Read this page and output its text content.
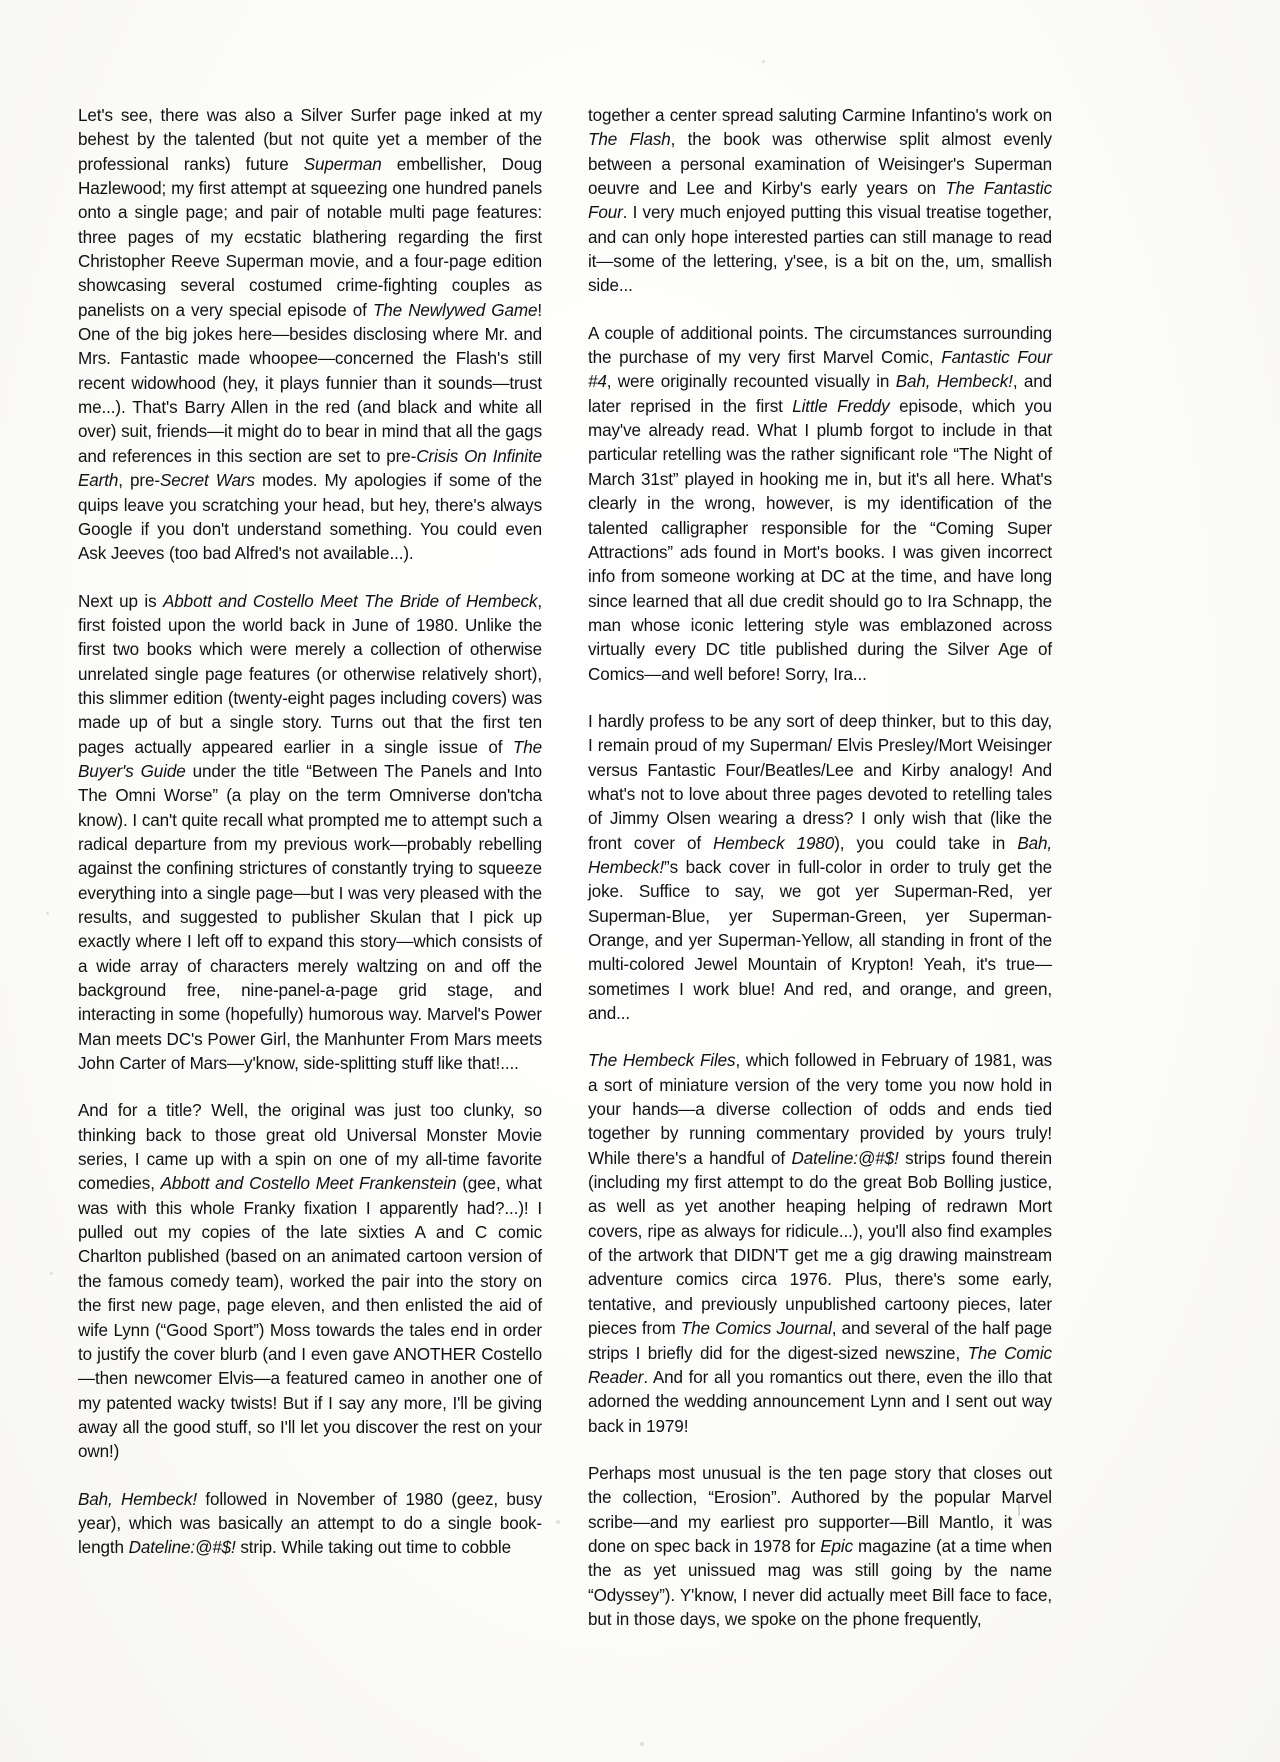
Let's see, there was also a Silver Surfer page inked at my behest by the talented (but not quite yet a member of the professional ranks) future Superman embellisher, Doug Hazlewood; my first attempt at squeezing one hundred panels onto a single page; and pair of notable multi page features: three pages of my ecstatic blathering regarding the first Christopher Reeve Superman movie, and a four-page edition showcasing several costumed crime-fighting couples as panelists on a very special episode of The Newlywed Game! One of the big jokes here—besides disclosing where Mr. and Mrs. Fantastic made whoopee—concerned the Flash's still recent widowhood (hey, it plays funnier than it sounds—trust me...). That's Barry Allen in the red (and black and white all over) suit, friends—it might do to bear in mind that all the gags and references in this section are set to pre-Crisis On Infinite Earth, pre-Secret Wars modes. My apologies if some of the quips leave you scratching your head, but hey, there's always Google if you don't understand something. You could even Ask Jeeves (too bad Alfred's not available...).

Next up is Abbott and Costello Meet The Bride of Hembeck, first foisted upon the world back in June of 1980. Unlike the first two books which were merely a collection of otherwise unrelated single page features (or otherwise relatively short), this slimmer edition (twenty-eight pages including covers) was made up of but a single story. Turns out that the first ten pages actually appeared earlier in a single issue of The Buyer's Guide under the title “Between The Panels and Into The Omni Worse” (a play on the term Omniverse don'tcha know). I can't quite recall what prompted me to attempt such a radical departure from my previous work—probably rebelling against the confining strictures of constantly trying to squeeze everything into a single page—but I was very pleased with the results, and suggested to publisher Skulan that I pick up exactly where I left off to expand this story—which consists of a wide array of characters merely waltzing on and off the background free, nine-panel-a-page grid stage, and interacting in some (hopefully) humorous way. Marvel's Power Man meets DC's Power Girl, the Manhunter From Mars meets John Carter of Mars—y'know, side-splitting stuff like that!....

And for a title? Well, the original was just too clunky, so thinking back to those great old Universal Monster Movie series, I came up with a spin on one of my all-time favorite comedies, Abbott and Costello Meet Frankenstein (gee, what was with this whole Franky fixation I apparently had?...)! I pulled out my copies of the late sixties A and C comic Charlton published (based on an animated cartoon version of the famous comedy team), worked the pair into the story on the first new page, page eleven, and then enlisted the aid of wife Lynn (“Good Sport”) Moss towards the tales end in order to justify the cover blurb (and I even gave ANOTHER Costello—then newcomer Elvis—a featured cameo in another one of my patented wacky twists! But if I say any more, I'll be giving away all the good stuff, so I'll let you discover the rest on your own!)

Bah, Hembeck! followed in November of 1980 (geez, busy year), which was basically an attempt to do a single book-length Dateline:@#$! strip. While taking out time to cobble

together a center spread saluting Carmine Infantino's work on The Flash, the book was otherwise split almost evenly between a personal examination of Weisinger's Superman oeuvre and Lee and Kirby's early years on The Fantastic Four. I very much enjoyed putting this visual treatise together, and can only hope interested parties can still manage to read it—some of the lettering, y'see, is a bit on the, um, smallish side...

A couple of additional points. The circumstances surrounding the purchase of my very first Marvel Comic, Fantastic Four #4, were originally recounted visually in Bah, Hembeck!, and later reprised in the first Little Freddy episode, which you may've already read. What I plumb forgot to include in that particular retelling was the rather significant role “The Night of March 31st” played in hooking me in, but it's all here. What's clearly in the wrong, however, is my identification of the talented calligrapher responsible for the “Coming Super Attractions” ads found in Mort's books. I was given incorrect info from someone working at DC at the time, and have long since learned that all due credit should go to Ira Schnapp, the man whose iconic lettering style was emblazoned across virtually every DC title published during the Silver Age of Comics—and well before! Sorry, Ira...

I hardly profess to be any sort of deep thinker, but to this day, I remain proud of my Superman/ Elvis Presley/Mort Weisinger versus Fantastic Four/Beatles/Lee and Kirby analogy! And what's not to love about three pages devoted to retelling tales of Jimmy Olsen wearing a dress? I only wish that (like the front cover of Hembeck 1980), you could take in Bah, Hembeck!”s back cover in full-color in order to truly get the joke. Suffice to say, we got yer Superman-Red, yer Superman-Blue, yer Superman-Green, yer Superman-Orange, and yer Superman-Yellow, all standing in front of the multi-colored Jewel Mountain of Krypton! Yeah, it's true—sometimes I work blue! And red, and orange, and green, and...

The Hembeck Files, which followed in February of 1981, was a sort of miniature version of the very tome you now hold in your hands—a diverse collection of odds and ends tied together by running commentary provided by yours truly! While there's a handful of Dateline:@#$! strips found therein (including my first attempt to do the great Bob Bolling justice, as well as yet another heaping helping of redrawn Mort covers, ripe as always for ridicule...), you'll also find examples of the artwork that DIDN'T get me a gig drawing mainstream adventure comics circa 1976. Plus, there's some early, tentative, and previously unpublished cartoony pieces, later pieces from The Comics Journal, and several of the half page strips I briefly did for the digest-sized newszine, The Comic Reader. And for all you romantics out there, even the illo that adorned the wedding announcement Lynn and I sent out way back in 1979!

Perhaps most unusual is the ten page story that closes out the collection, “Erosion”. Authored by the popular Marvel scribe—and my earliest pro supporter—Bill Mantlo, it was done on spec back in 1978 for Epic magazine (at a time when the as yet unissued mag was still going by the name “Odyssey”). Y'know, I never did actually meet Bill face to face, but in those days, we spoke on the phone frequently,
